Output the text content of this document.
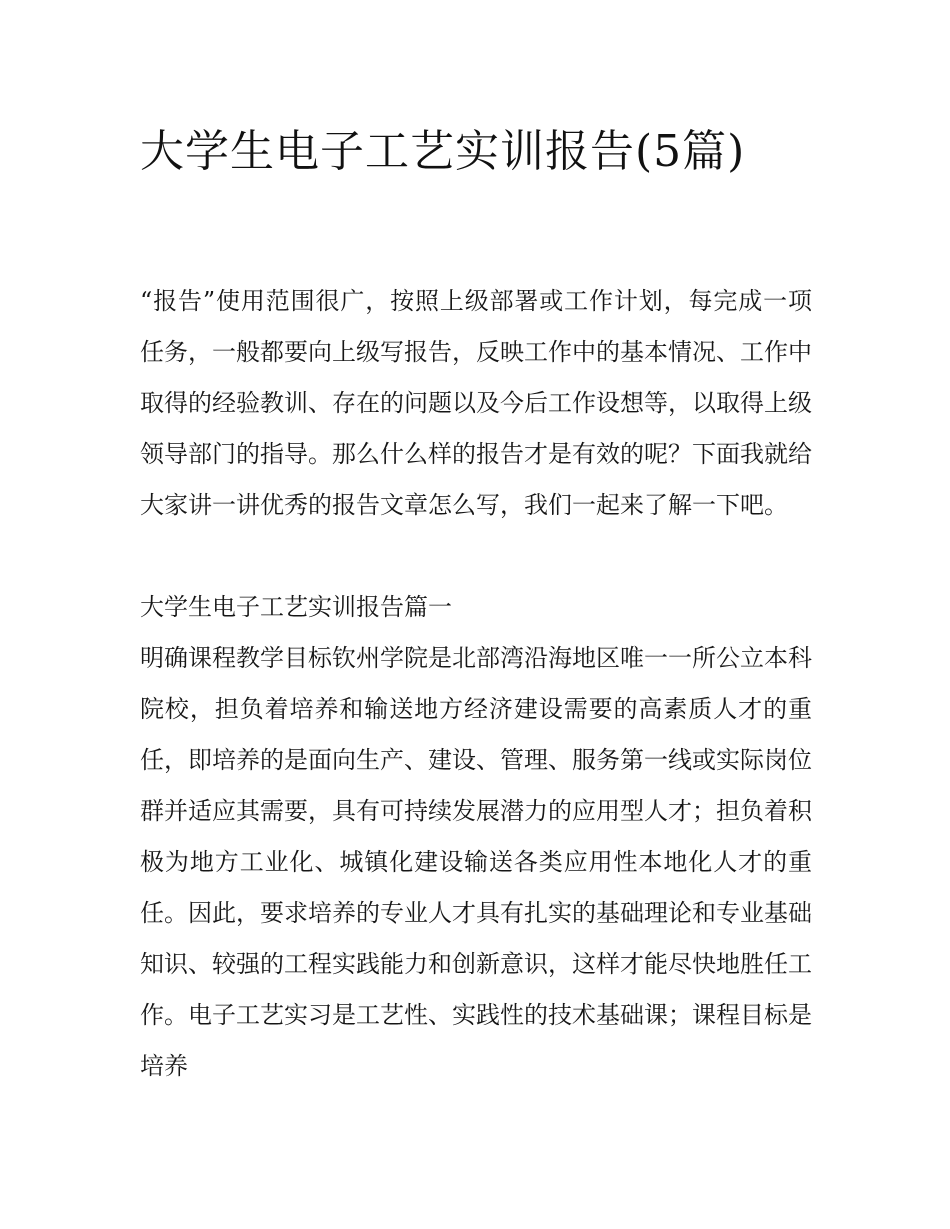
大学生电子工艺实训报告(5篇)

“报告”使用范围很广，按照上级部署或工作计划，每完成一项任务，一般都要向上级写报告，反映工作中的基本情况、工作中取得的经验教训、存在的问题以及今后工作设想等，以取得上级领导部门的指导。那么什么样的报告才是有效的呢？下面我就给大家讲一讲优秀的报告文章怎么写，我们一起来了解一下吧。

大学生电子工艺实训报告篇一

明确课程教学目标钦州学院是北部湾沿海地区唯一一所公立本科院校，担负着培养和输送地方经济建设需要的高素质人才的重任，即培养的是面向生产、建设、管理、服务第一线或实际岗位群并适应其需要，具有可持续发展潜力的应用型人才；担负着积极为地方工业化、城镇化建设输送各类应用性本地化人才的重任。因此，要求培养的专业人才具有扎实的基础理论和专业基础知识、较强的工程实践能力和创新意识，这样才能尽快地胜任工作。电子工艺实习是工艺性、实践性的技术基础课；课程目标是培养
